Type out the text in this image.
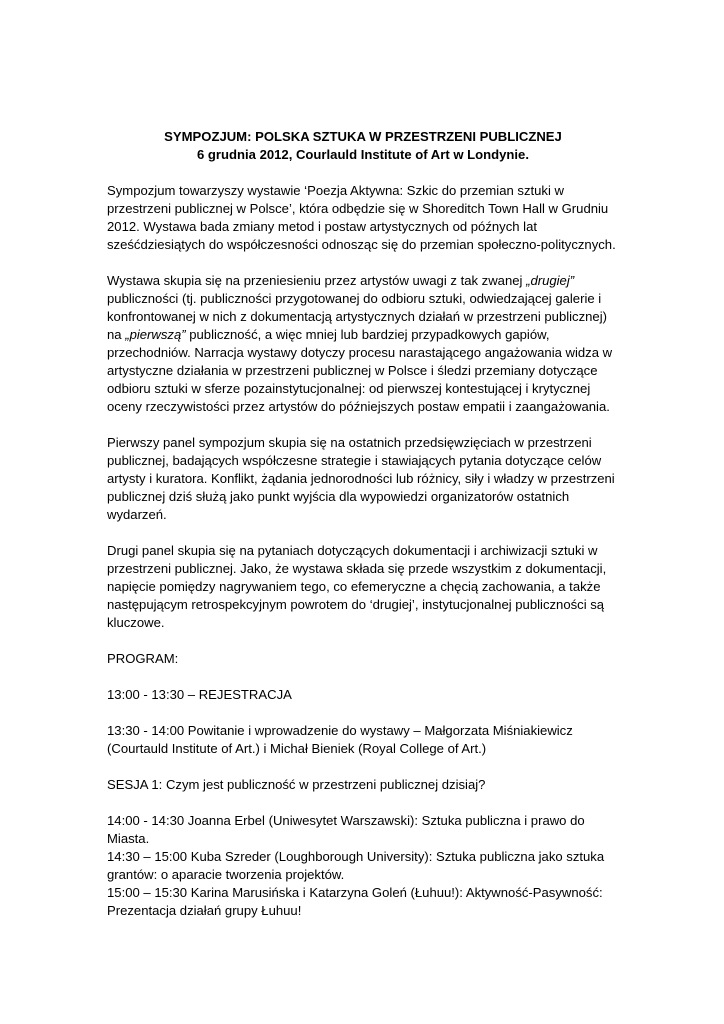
SYMPOZJUM: POLSKA SZTUKA W PRZESTRZENI PUBLICZNEJ
6 grudnia 2012, Courlauld Institute of Art w Londynie.

Sympozjum towarzyszy wystawie ‘Poezja Aktywna: Szkic do przemian sztuki w przestrzeni publicznej w Polsce’, która odbędzie się w Shoreditch Town Hall w Grudniu 2012. Wystawa bada zmiany metod i postaw artystycznych od późnych lat sześćdziesiątych do współczesności odnosząc się do przemian społeczno-politycznych.

Wystawa skupia się na przeniesieniu przez artystów uwagi z tak zwanej „drugiej” publiczności (tj. publiczności przygotowanej do odbioru sztuki, odwiedzającej galerie i konfrontowanej w nich z dokumentacją artystycznych działań w przestrzeni publicznej) na „pierwszą” publiczność, a więc mniej lub bardziej przypadkowych gapiów, przechodniów. Narracja wystawy dotyczy procesu narastającego angażowania widza w artystyczne działania w przestrzeni publicznej w Polsce i śledzi przemiany dotyczące odbioru sztuki w sferze pozainstytucjonalnej: od pierwszej kontestującej i krytycznej oceny rzeczywistości przez artystów do późniejszych postaw empatii i zaangażowania.

Pierwszy panel sympozjum skupia się na ostatnich przedsięwzięciach w przestrzeni publicznej, badających współczesne strategie i stawiających pytania dotyczące celów artysty i kuratora. Konflikt, żądania jednorodności lub różnicy, siły i władzy w przestrzeni publicznej dziś służą jako punkt wyjścia dla wypowiedzi organizatorów ostatnich wydarzeń.

Drugi panel skupia się na pytaniach dotyczących dokumentacji i archiwizacji sztuki w przestrzeni publicznej. Jako, że wystawa składa się przede wszystkim z dokumentacji, napięcie pomiędzy nagrywaniem tego, co efemeryczne a chęcią zachowania, a także następującym retrospekcyjnym powrotem do ‘drugiej’, instytucjonalnej publiczności są kluczowe.

PROGRAM:

13:00 - 13:30 – REJESTRACJA

13:30 - 14:00 Powitanie i wprowadzenie do wystawy – Małgorzata Miśniakiewicz (Courtauld Institute of Art.) i Michał Bieniek (Royal College of Art.)

SESJA 1: Czym jest publiczność w przestrzeni publicznej dzisiaj?

14:00 - 14:30 Joanna Erbel (Uniwesytet Warszawski): Sztuka publiczna i prawo do Miasta.

14:30 – 15:00 Kuba Szreder (Loughborough University): Sztuka publiczna jako sztuka grantów: o aparacie tworzenia projektów.

15:00 – 15:30 Karina Marusińska i Katarzyna Goleń (Łuhuu!): Aktywność-Pasywność: Prezentacja działań grupy Łuhuu!
